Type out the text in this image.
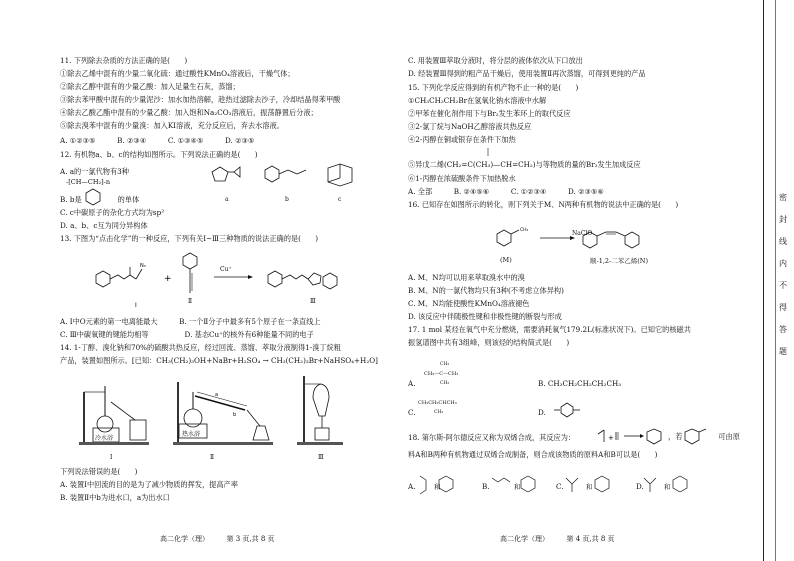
11. 下列除去杂质的方法正确的是(　　)
①除去乙烯中混有的少量二氧化硫：通过酸性KMnO₄溶液后，干燥气体；
②除去乙醇中混有的少量乙酸：加入足量生石灰，蒸馏；
③除去苯甲酸中混有的少量泥沙：加水加热溶解，趁热过滤除去沙子，冷却结晶得苯甲酸
④除去乙酸乙酯中混有的少量乙酸：加入饱和Na₂CO₃溶液后，振荡静置后分液；
⑤除去溴苯中混有的少量溴：加入KI溶液，充分反应后，弃去水溶液。
A. ①②③⑤　　　B. ②③④　　　C. ①③④⑤　　　D. ②③⑤
12. 有机物a、b、c的结构如图所示。下列说法正确的是(　　)
A. a的一氯代物有3种
B. b是　　　　　的单体
C. c中碳原子的杂化方式均为sp²
D. a、b、c互为同分异构体
13. 下图为“点击化学”的一种反应，下列有关Ⅰ~Ⅲ三种物质的说法正确的是(　　)
A. Ⅰ中O元素的第一电离能最大　　　B. 一个Ⅱ分子中最多有5个原子在一条直线上
C. Ⅲ中碳氧键的键能均相等　　　　　D. 基态Cu⁺的核外有6种能量不同的电子
14. 1-丁醇、溴化钠和70%的硫酸共热反应，经过回流、蒸馏、萃取分液制得1-溴丁烷粗
产品，装置如图所示。[已知：CH₃(CH₂)₃OH+NaBr+H₂SO₄ → CH₃(CH₂)₃Br+NaHSO₄+H₂O]
下列说法错误的是(　　)
A. 装置Ⅰ中回流的目的是为了减少物质的挥发，提高产率
B. 装置Ⅱ中b为进水口，a为出水口
-[CH—CH₂]-n
a	b	c
N₃
Ⅰ
+
Cu⁺
Ⅱ	Ⅲ
a
b
冷水浴
热水浴
Ⅰ	Ⅱ	Ⅲ
高二化学（理）　　　第 3 页,共 8 页
C. 用装置Ⅲ萃取分液时，将分层的液体依次从下口放出
D. 经装置Ⅲ得到的粗产品干燥后，使用装置Ⅱ再次蒸馏，可得到更纯的产品
15. 下列化学反应得到的有机产物不止一种的是(　　)
①CH₃CH₂CH₂Br在氢氧化钠水溶液中水解
②甲苯在催化剂作用下与Br₂发生苯环上的取代反应
③2-氯丁烷与NaOH乙醇溶液共热反应
④2-丙醇在铜或银存在条件下加热
⑤异戊二烯(CH₂=C(CH₃)—CH=CH₂)与等物质的量的Br₂发生加成反应
⑥1-丙醇在浓硫酸条件下加热脱水
A. 全部　　　B. ②④⑤⑥　　　C. ①②③④　　　D. ②③⑤⑥
16. 已知存在如图所示的转化，则下列关于M、N两种有机物的说法中正确的是(　　)
A. M、N均可以用来萃取溴水中的溴
B. M、N的一氯代物均只有3种(不考虑立体异构)
C. M、N均能使酸性KMnO₄溶液褪色
D. 该反应中伴随极性键和非极性键的断裂与形成
17. 1 mol 某烃在氧气中充分燃烧，需要消耗氧气179.2L(标准状况下)。已知它的核磁共
振氢谱图中共有3组峰，则该烃的结构简式是(　　)
18. 第尔斯-阿尔德反应又称为双烯合成，其反应为：
料A和B两种有机物通过双烯合成制备，则合成该物质的原料A和B可以是(　　)
CH₃	NaClO
(M)	顺-1,2-二苯乙烯(N)
A.
CH₃
CH₃—C—CH₃
CH₃	B. CH₃CH₂CH₂CH₂CH₃
C.
CH₃CH₂CHCH₃
CH₃	D.
+	，若　　　　　可由原
A.	和	B.	和	C.	和	D.	和
高二化学（理）　　　第 4 页,共 8 页
密
封
线
内
不
得
答
题
